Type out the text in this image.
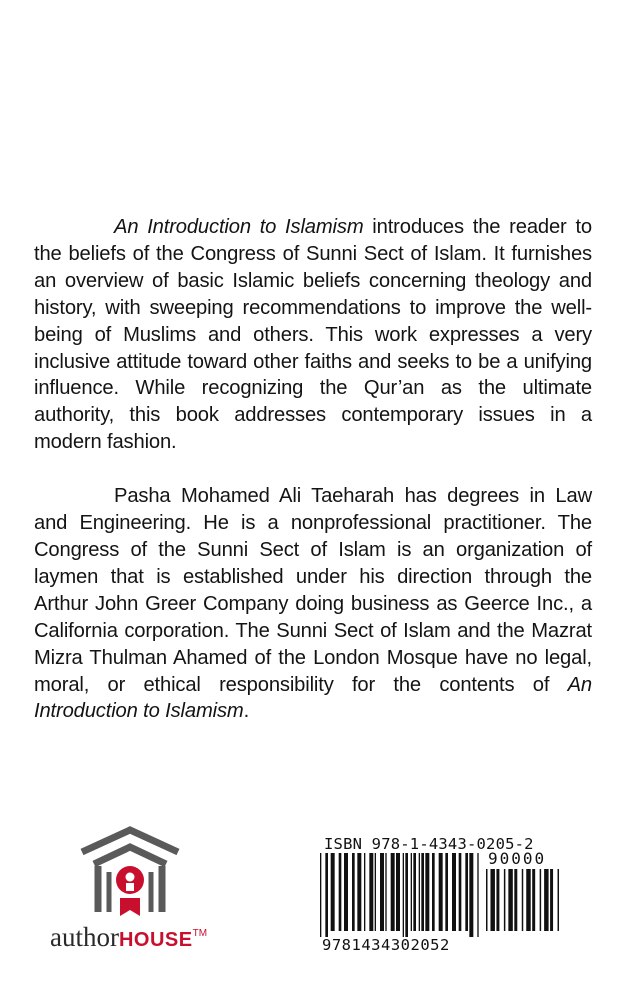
An Introduction to Islamism introduces the reader to the beliefs of the Congress of Sunni Sect of Islam. It furnishes an overview of basic Islamic beliefs concerning theology and history, with sweeping recommendations to improve the well-being of Muslims and others. This work expresses a very inclusive attitude toward other faiths and seeks to be a unifying influence. While recognizing the Qur’an as the ultimate authority, this book addresses contemporary issues in a modern fashion.

Pasha Mohamed Ali Taeharah has degrees in Law and Engineering. He is a nonprofessional practitioner. The Congress of the Sunni Sect of Islam is an organization of laymen that is established under his direction through the Arthur John Greer Company doing business as Geerce Inc., a California corporation. The Sunni Sect of Islam and the Mazrat Mizra Thulman Ahamed of the London Mosque have no legal, moral, or ethical responsibility for the contents of An Introduction to Islamism.

authorHOUSE™
ISBN 978-1-4343-0205-2
90000
9781434302052
